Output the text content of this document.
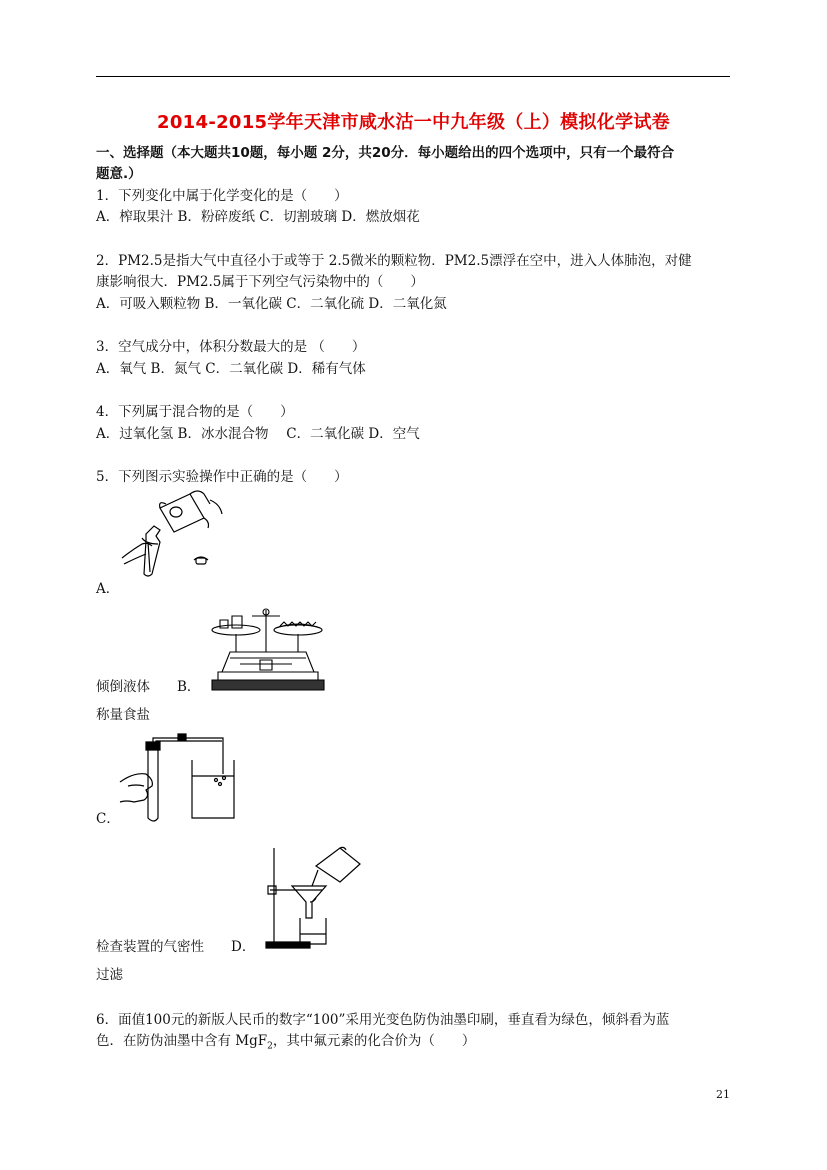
2014-2015学年天津市咸水沽一中九年级（上）模拟化学试卷
一、选择题（本大题共10题，每小题 2分，共20分．每小题给出的四个选项中，只有一个最符合
题意.）
1．下列变化中属于化学变化的是（　　）
A．榨取果汁 B．粉碎废纸 C．切割玻璃 D．燃放烟花
2．PM2.5是指大气中直径小于或等于 2.5微米的颗粒物．PM2.5漂浮在空中，进入人体肺泡，对健
康影响很大．PM2.5属于下列空气污染物中的（　　）
A．可吸入颗粒物 B．一氧化碳 C．二氧化硫 D．二氧化氮
3．空气成分中，体积分数最大的是 （　　）
A．氧气 B．氮气 C．二氧化碳 D．稀有气体
4．下列属于混合物的是（　　）
A．过氧化氢 B．冰水混合物　 C．二氧化碳 D．空气
5．下列图示实验操作中正确的是（　　）
A．
倾倒液体　　B．
称量食盐
C．
检查装置的气密性　　D．
过滤
6．面值100元的新版人民币的数字“100”采用光变色防伪油墨印刷，垂直看为绿色，倾斜看为蓝
色．在防伪油墨中含有 MgF$_2$，其中氟元素的化合价为（　　）
21
